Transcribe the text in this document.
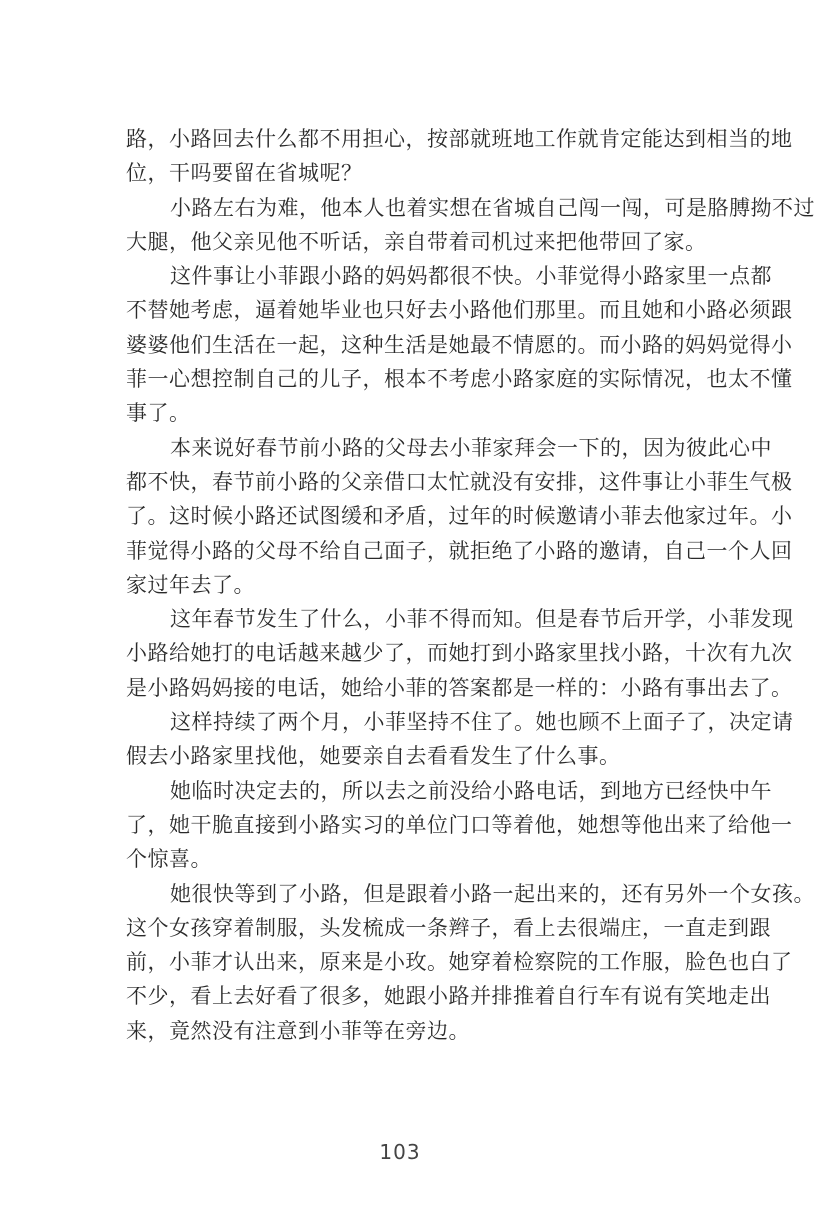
路，小路回去什么都不用担心，按部就班地工作就肯定能达到相当的地
位，干吗要留在省城呢？
小路左右为难，他本人也着实想在省城自己闯一闯，可是胳膊拗不过
大腿，他父亲见他不听话，亲自带着司机过来把他带回了家。
这件事让小菲跟小路的妈妈都很不快。小菲觉得小路家里一点都
不替她考虑，逼着她毕业也只好去小路他们那里。而且她和小路必须跟
婆婆他们生活在一起，这种生活是她最不情愿的。而小路的妈妈觉得小
菲一心想控制自己的儿子，根本不考虑小路家庭的实际情况，也太不懂
事了。
本来说好春节前小路的父母去小菲家拜会一下的，因为彼此心中
都不快，春节前小路的父亲借口太忙就没有安排，这件事让小菲生气极
了。这时候小路还试图缓和矛盾，过年的时候邀请小菲去他家过年。小
菲觉得小路的父母不给自己面子，就拒绝了小路的邀请，自己一个人回
家过年去了。
这年春节发生了什么，小菲不得而知。但是春节后开学，小菲发现
小路给她打的电话越来越少了，而她打到小路家里找小路，十次有九次
是小路妈妈接的电话，她给小菲的答案都是一样的：小路有事出去了。
这样持续了两个月，小菲坚持不住了。她也顾不上面子了，决定请
假去小路家里找他，她要亲自去看看发生了什么事。
她临时决定去的，所以去之前没给小路电话，到地方已经快中午
了，她干脆直接到小路实习的单位门口等着他，她想等他出来了给他一
个惊喜。
她很快等到了小路，但是跟着小路一起出来的，还有另外一个女孩。
这个女孩穿着制服，头发梳成一条辫子，看上去很端庄，一直走到跟
前，小菲才认出来，原来是小玫。她穿着检察院的工作服，脸色也白了
不少，看上去好看了很多，她跟小路并排推着自行车有说有笑地走出
来，竟然没有注意到小菲等在旁边。
103
